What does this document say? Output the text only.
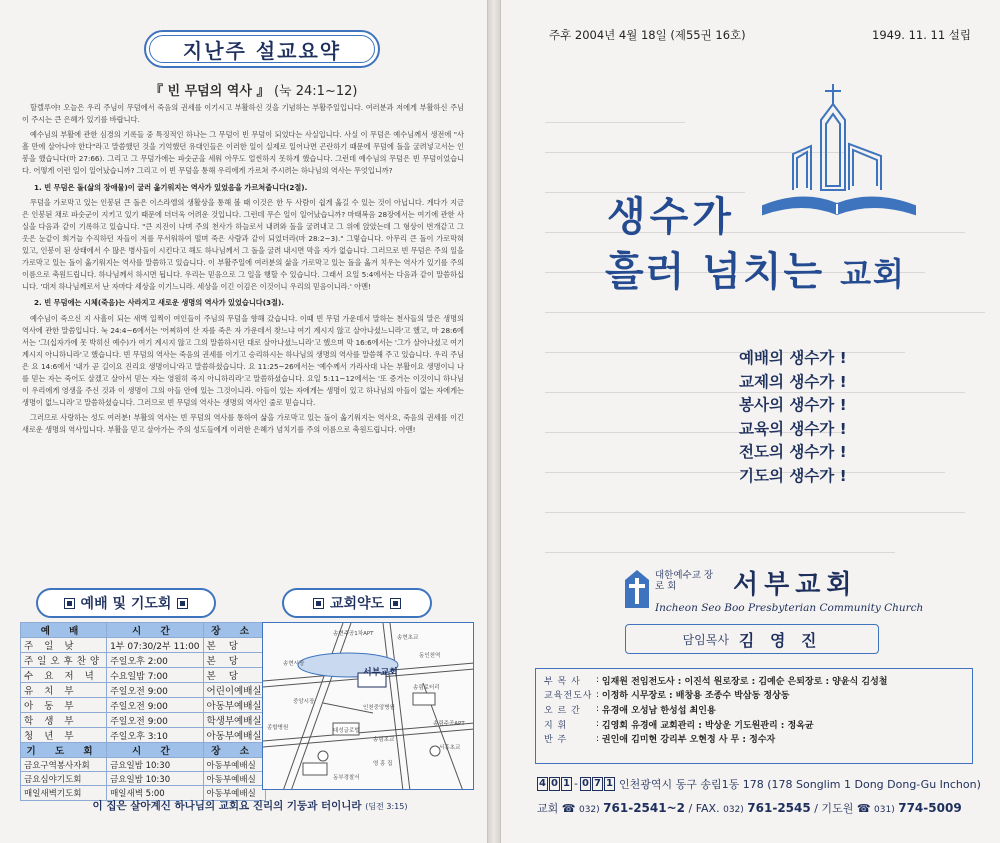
지난주 설교요약
『 빈 무덤의 역사 』 (눅 24:1~12)

할렐루야! 오늘은 우리 주님이 무덤에서 죽음의 권세를 이기시고 부활하신 것을 기념하는 부활주일입니다. 여러분과 저에게 부활하신 주님이 주시는 큰 은혜가 있기를 바랍니다.

예수님의 부활에 관한 심경의 기록들 중 특징적인 하나는 그 무덤이 빈 무덤이 되었다는 사실입니다. 사실 이 무덤은 예수님께서 생전에 "사흘 만에 살아나야 한다"라고 말씀했던 것을 기억했던 유대인들은 이러한 일이 실제로 일어나면 곤란하기 때문에 무덤에 돌을 굴려넣고서는 인봉을 했습니다(마 27:66). 그리고 그 무덤가에는 파숫군을 세워 아무도 얼씬하지 못하게 했습니다. 그런데 예수님의 무덤은 빈 무덤이었습니다. 어떻게 이런 일이 일어났습니까? 그리고 이 빈 무덤을 통해 우리에게 가르쳐 주시려는 하나님의 역사는 무엇입니까?

1. 빈 무덤은 돌(삶의 장애물)이 굴러 옮기워지는 역사가 있었음을 가르쳐줍니다(2절).

무덤을 가로막고 있는 인봉된 큰 돌은 이스라엘의 생활상을 통해 볼 때 이것은 한 두 사람이 쉽게 옮길 수 있는 것이 아닙니다. 게다가 지금은 인봉된 채로 파숫군이 지키고 있기 때문에 더더욱 어려운 것입니다. 그런데 무슨 일이 일어났습니까? 마태복음 28장에서는 여기에 관한 사실을 다음과 같이 기록하고 있습니다. "큰 지진이 나며 주의 천사가 하늘로서 내려와 돌을 굴려내고 그 위에 앉았는데 그 형상이 번개같고 그 옷은 눈같이 희거늘 수직하던 자들이 저를 무서워하여 떨며 죽은 사람과 같이 되었더라(마 28:2~3)." 그렇습니다. 아무리 큰 돌이 가로막혀 있고, 인봉이 된 상태에서 수 많은 병사들이 시킨다고 해도 하나님께서 그 돌을 굴려 내시면 막을 자가 없습니다. 그러므로 빈 무덤은 주의 일을 가로막고 있는 돌이 옮기워지는 역사를 말씀하고 있습니다. 이 부활주일에 여러분의 삶을 가로막고 있는 돌을 옮겨 치우는 역사가 있기를 주의 이름으로 축원드립니다. 하나님께서 하시면 됩니다. 우리는 믿음으로 그 일을 행할 수 있습니다. 그래서 요일 5:4에서는 다음과 같이 말씀하십니다. '대저 하나님께로서 난 자마다 세상을 이기느니라. 세상을 이긴 이김은 이것이니 우리의 믿음이니라.' 아멘!

2. 빈 무덤에는 시체(죽음)는 사라지고 새로운 생명의 역사가 있었습니다(3절).

예수님이 죽으신 지 사흘이 되는 새벽 일찍이 여인들이 주님의 무덤을 향해 갔습니다. 이때 빈 무덤 가운데서 말하는 천사들의 말은 생명의 역사에 관한 말씀입니다. 눅 24:4~6에서는 '어찌하여 산 자를 죽은 자 가운데서 찾느냐 여기 계시지 않고 살아나셨느니라'고 했고, 마 28:6에서는 '그(십자가에 못 박히신 예수)가 여기 계시지 않고 그의 말씀하시던 대로 살아나셨느니라'고 했으며 막 16:6에서는 '그가 살아나셨고 여기 계시지 아니하니라'고 했습니다. 빈 무덤의 역사는 죽음의 권세를 이기고 승리하시는 하나님의 생명의 역사를 말씀해 주고 있습니다. 우리 주님은 요 14:6에서 '내가 곧 길이요 진리요 생명이니'라고 말씀하셨습니다. 요 11:25~26에서는 '예수께서 가라사대 나는 부활이요 생명이니 나를 믿는 자는 죽어도 살겠고 살아서 믿는 자는 영원히 죽지 아니하리라'고 말씀하셨습니다. 요일 5:11~12에서는 '또 증거는 이것이니 하나님이 우리에게 영생을 주신 것과 이 생명이 그의 아들 안에 있는 그것이니라. 아들이 있는 자에게는 생명이 있고 하나님의 아들이 없는 자에게는 생명이 없느니라'고 말씀하셨습니다. 그러므로 빈 무덤의 역사는 생명의 역사인 줄로 믿습니다.

그러므로 사랑하는 성도 여러분! 부활의 역사는 빈 무덤의 역사를 통하여 삶을 가로막고 있는 돌이 옮기워지는 역사요, 죽음의 권세를 이긴 새로운 생명의 역사입니다. 부활을 믿고 살아가는 주의 성도들에게 이러한 은혜가 넘치기를 주의 이름으로 축원드립니다. 아멘!

예배 및 기도회	교회약도
예 배	시 간	장 소
주 일 낮	1부 07:30/2부 11:00	본 당
주일오후찬양	주일오후 2:00	본 당
수 요 저 녁	수요일밤 7:00	본 당
유 치 부	주일오전 9:00	어린이예배실
아 동 부	주일오전 9:00	아동부예배실
학 생 부	주일오전 9:00	학생부예배실
청 년 부	주일오후 3:10	아동부예배실
기 도 회	시 간	장 소
금요구역봉사자회	금요일밤 10:30	아동부예배실
금요심야기도회	금요일밤 10:30	아동부예배실
매일새벽기도회	매일새벽 5:00	아동부예배실
서부교회
송현주공1차APT
송현초교
송현시장
동인천역
중앙시장
송림로터리
인천중앙병원
대성글로벌
송림초교
서흥초교
송림주공APT
동부경찰서
영 흥 집
종합병원
이 집은 살아계신 하나님의 교회요 진리의 기둥과 터이니라 (딤전 3:15)
주후 2004년 4월 18일 (제55권 16호)	1949. 11. 11 설립
생수가
흘러 넘치는 교회
예배의 생수가 !
교제의 생수가 !
봉사의 생수가 !
교육의 생수가 !
전도의 생수가 !
기도의 생수가 !
대한예수교 장 로 회	서부교회
Incheon Seo Boo Presbyterian Community Church
담임목사 김 영 진
부 목 사	: 임재원 전임전도사 : 이진석 원로장로 : 김예순 은퇴장로 : 양윤식 김성철
교육전도사 : 이정하 시무장로 : 배창용 조종수 박삼동 정상동
오 르 간	: 유경애 오성남 한성섭 최인용
지 휘	: 김영회 유경애 교회관리 : 박상운 기도원관리 : 정옥균
반 주	: 권인애 김미현 강리부 오현정 사 무 : 정수자
4 0 1 - 0 7 1 인천광역시 동구 송림1동 178 (178 Songlim 1 Dong Dong-Gu Inchon)
교회 ☎ 032) 761-2541~2 / FAX. 032) 761-2545 / 기도원 ☎ 031) 774-5009
